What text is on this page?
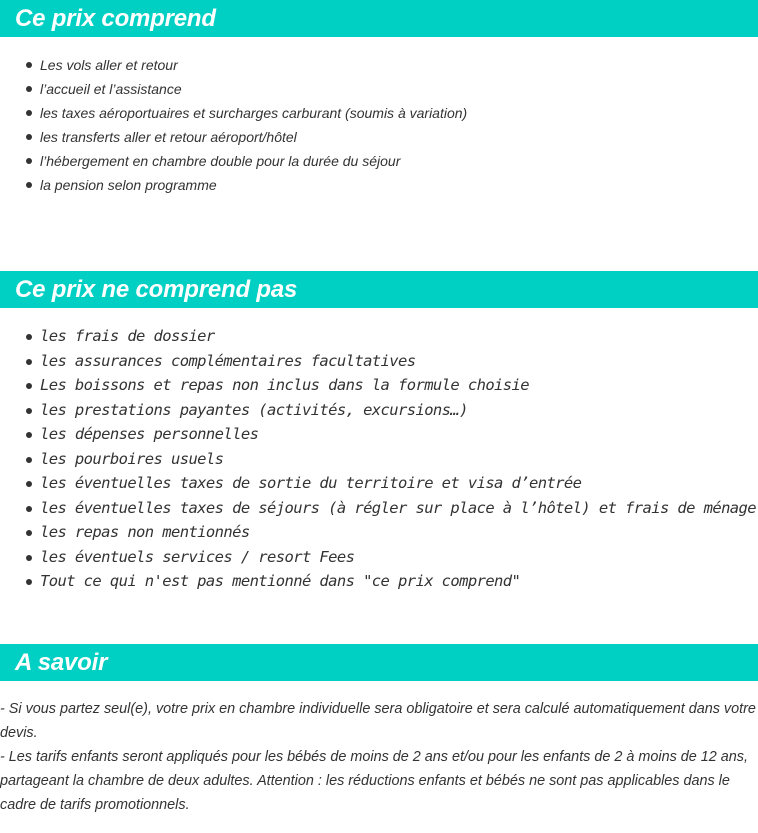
Ce prix comprend
Les vols aller et retour
l’accueil et l’assistance
les taxes aéroportuaires et surcharges carburant (soumis à variation)
les transferts aller et retour aéroport/hôtel
l’hébergement en chambre double pour la durée du séjour
la pension selon programme
Ce prix ne comprend pas
les frais de dossier
les assurances complémentaires facultatives
Les boissons et repas non inclus dans la formule choisie
les prestations payantes (activités, excursions…)
les dépenses personnelles
les pourboires usuels
les éventuelles taxes de sortie du territoire et visa d’entrée
les éventuelles taxes de séjours (à régler sur place à l’hôtel) et frais de ménage
les repas non mentionnés
les éventuels services / resort Fees
Tout ce qui n'est pas mentionné dans "ce prix comprend"
A savoir

- Si vous partez seul(e), votre prix en chambre individuelle sera obligatoire et sera calculé automatiquement dans votre devis.

- Les tarifs enfants seront appliqués pour les bébés de moins de 2 ans et/ou pour les enfants de 2 à moins de 12 ans, partageant la chambre de deux adultes. Attention : les réductions enfants et bébés ne sont pas applicables dans le cadre de tarifs promotionnels.
